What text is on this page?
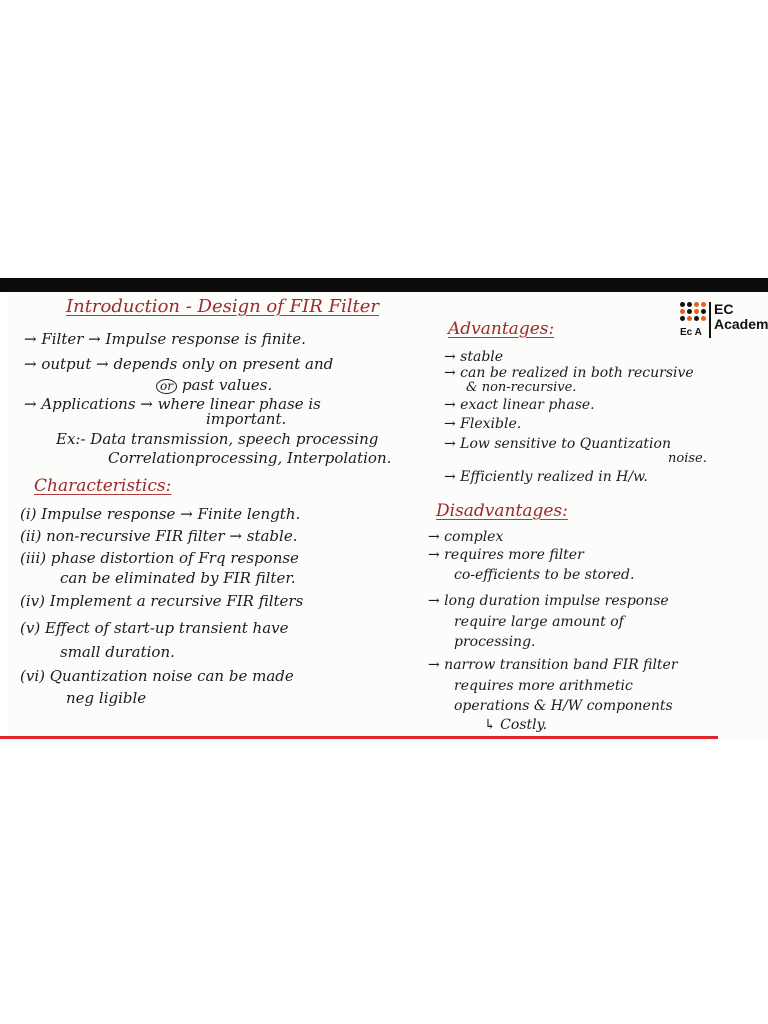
Introduction - Design of FIR Filter	EC
Academ
Ec A
→ Filter → Impulse response is finite.
→ output → depends only on present and
or past values.
→ Applications → where linear phase is
important.
Ex:- Data transmission, speech processing
Correlationprocessing, Interpolation.
Characteristics:
(i) Impulse response → Finite length.
(ii) non-recursive FIR filter → stable.
(iii) phase distortion of Frq response
can be eliminated by FIR filter.
(iv) Implement a recursive FIR filters
(v) Effect of start-up transient have
small duration.
(vi) Quantization noise can be made
neg ligible
Advantages:
→ stable
→ can be realized in both recursive
& non-recursive.
→ exact linear phase.
→ Flexible.
→ Low sensitive to Quantization
noise.
→ Efficiently realized in H/w.
Disadvantages:
→ complex
→ requires more filter
co-efficients to be stored.
→ long duration impulse response
require large amount of
processing.
→ narrow transition band FIR filter
requires more arithmetic
operations & H/W components
↳ Costly.
